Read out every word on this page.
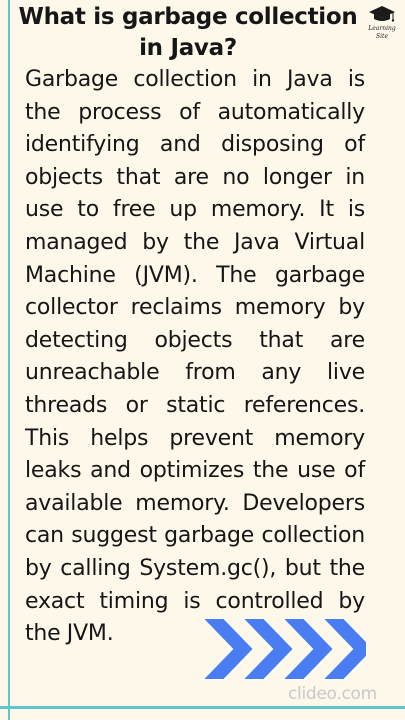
What is garbage collection in Java?
Learning
Site

Garbage collection in Java is the process of automatically identifying and disposing of objects that are no longer in use to free up memory. It is managed by the Java Virtual Machine (JVM). The garbage collector reclaims memory by detecting objects that are unreachable from any live threads or static references. This helps prevent memory leaks and optimizes the use of available memory. Developers can suggest garbage collection by calling System.gc(), but the exact timing is controlled by the JVM.

clideo.com
